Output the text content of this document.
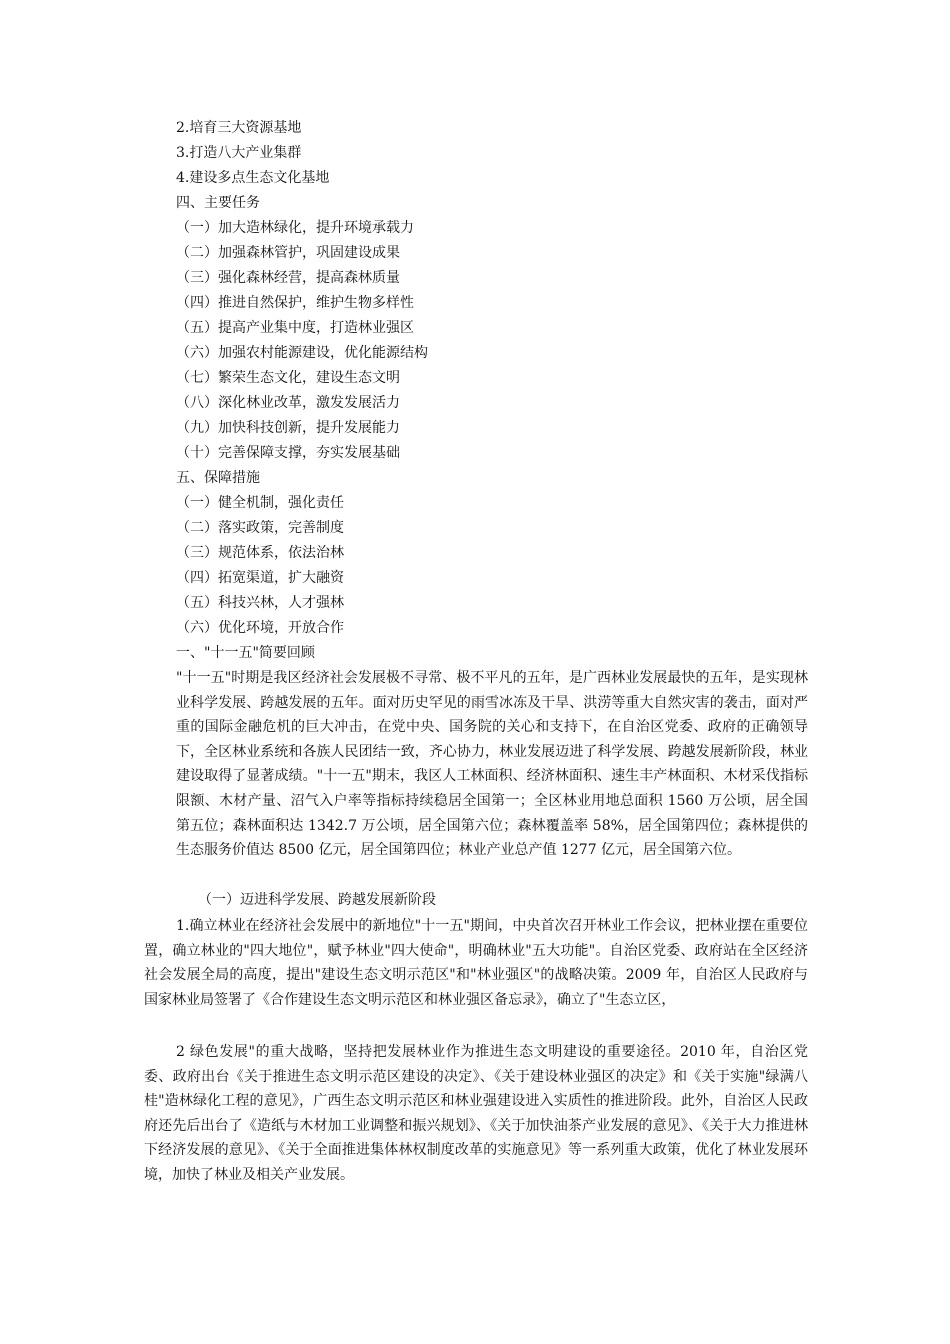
2.培育三大资源基地
3.打造八大产业集群
4.建设多点生态文化基地
四、主要任务
（一）加大造林绿化，提升环境承载力
（二）加强森林管护，巩固建设成果
（三）强化森林经营，提高森林质量
（四）推进自然保护，维护生物多样性
（五）提高产业集中度，打造林业强区
（六）加强农村能源建设，优化能源结构
（七）繁荣生态文化，建设生态文明
（八）深化林业改革，激发发展活力
（九）加快科技创新，提升发展能力
（十）完善保障支撑，夯实发展基础
五、保障措施
（一）健全机制，强化责任
（二）落实政策，完善制度
（三）规范体系，依法治林
（四）拓宽渠道，扩大融资
（五）科技兴林，人才强林
（六）优化环境，开放合作
一、"十一五"简要回顾

"十一五"时期是我区经济社会发展极不寻常、极不平凡的五年，是广西林业发展最快的五年，是实现林业科学发展、跨越发展的五年。面对历史罕见的雨雪冰冻及干旱、洪涝等重大自然灾害的袭击，面对严重的国际金融危机的巨大冲击，在党中央、国务院的关心和支持下，在自治区党委、政府的正确领导下，全区林业系统和各族人民团结一致，齐心协力，林业发展迈进了科学发展、跨越发展新阶段，林业建设取得了显著成绩。"十一五"期末，我区人工林面积、经济林面积、速生丰产林面积、木材采伐指标限额、木材产量、沼气入户率等指标持续稳居全国第一；全区林业用地总面积 1560 万公顷，居全国第五位；森林面积达 1342.7 万公顷，居全国第六位；森林覆盖率 58%，居全国第四位；森林提供的生态服务价值达 8500 亿元，居全国第四位；林业产业总产值 1277 亿元，居全国第六位。

（一）迈进科学发展、跨越发展新阶段

1.确立林业在经济社会发展中的新地位"十一五"期间，中央首次召开林业工作会议，把林业摆在重要位置，确立林业的"四大地位"，赋予林业"四大使命"，明确林业"五大功能"。自治区党委、政府站在全区经济社会发展全局的高度，提出"建设生态文明示范区"和"林业强区"的战略决策。2009 年，自治区人民政府与国家林业局签署了《合作建设生态文明示范区和林业强区备忘录》，确立了"生态立区，

2 绿色发展"的重大战略，坚持把发展林业作为推进生态文明建设的重要途径。2010 年，自治区党委、政府出台《关于推进生态文明示范区建设的决定》、《关于建设林业强区的决定》和《关于实施"绿满八桂"造林绿化工程的意见》，广西生态文明示范区和林业强建设进入实质性的推进阶段。此外，自治区人民政府还先后出台了《造纸与木材加工业调整和振兴规划》、《关于加快油茶产业发展的意见》、《关于大力推进林下经济发展的意见》、《关于全面推进集体林权制度改革的实施意见》等一系列重大政策，优化了林业发展环境，加快了林业及相关产业发展。
